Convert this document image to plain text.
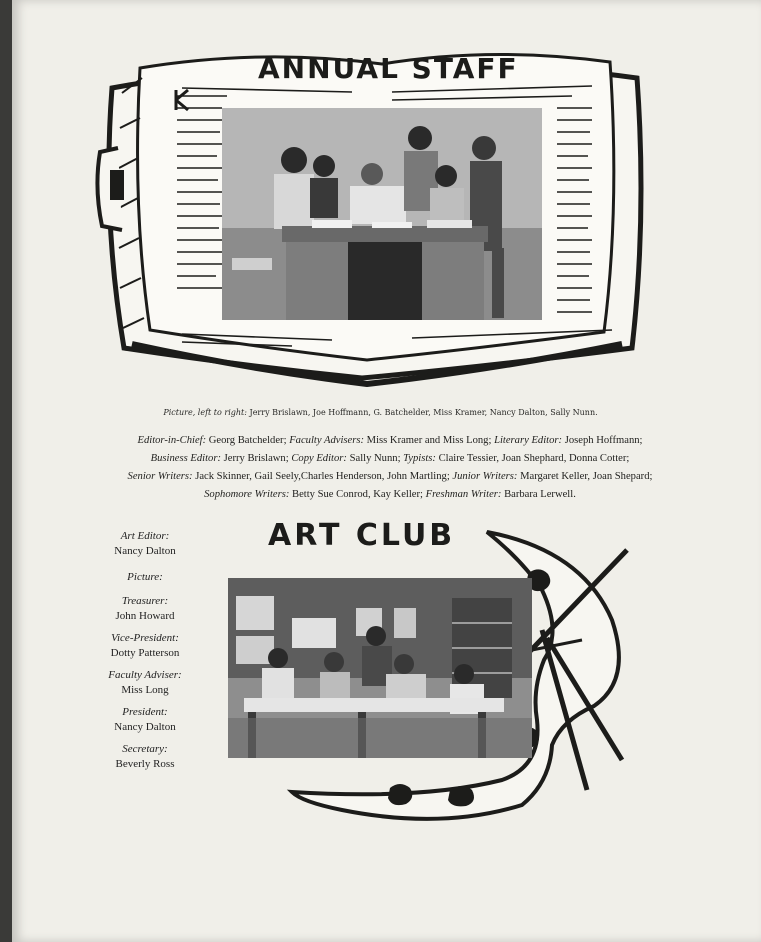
ANNUAL STAFF
Picture, left to right: Jerry Brislawn, Joe Hoffmann, G. Batchelder, Miss Kramer, Nancy Dalton, Sally Nunn.
Editor-in-Chief: Georg Batchelder; Faculty Advisers: Miss Kramer and Miss Long; Literary Editor: Joseph Hoffmann;
Business Editor: Jerry Brislawn; Copy Editor: Sally Nunn; Typists: Claire Tessier, Joan Shephard, Donna Cotter;
Senior Writers: Jack Skinner, Gail Seely,Charles Henderson, John Martling; Junior Writers: Margaret Keller, Joan Shepard;
Sophomore Writers: Betty Sue Conrod, Kay Keller; Freshman Writer: Barbara Lerwell.
ART CLUB
Art Editor:
Nancy Dalton
Picture:
Treasurer:
John Howard
Vice-President:
Dotty Patterson
Faculty Adviser:
Miss Long
President:
Nancy Dalton
Secretary:
Beverly Ross
